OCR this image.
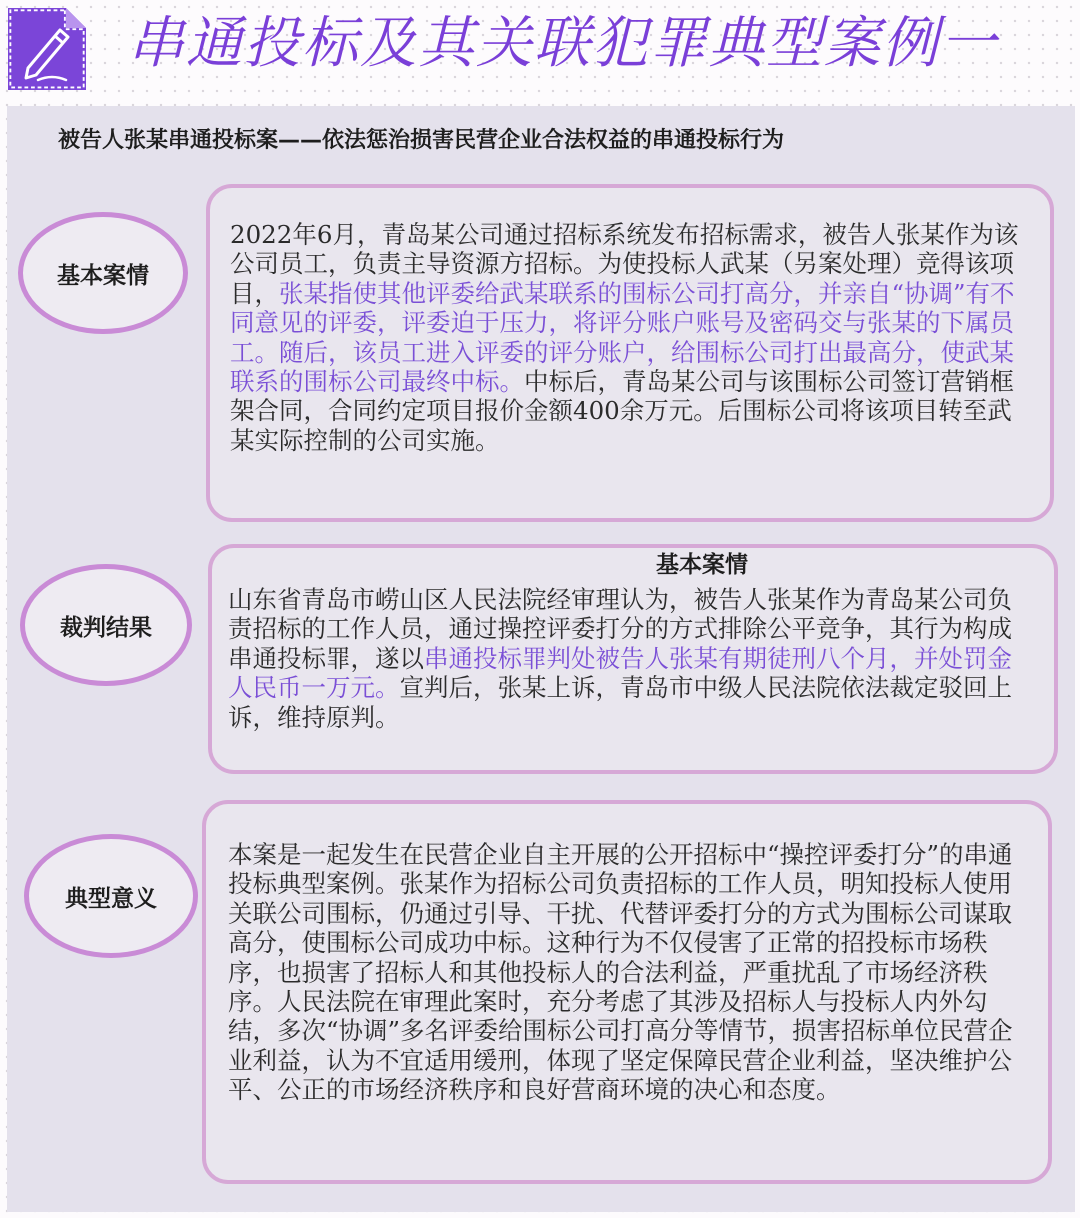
串通投标及其关联犯罪典型案例一
被告人张某串通投标案——依法惩治损害民营企业合法权益的串通投标行为
基本案情

2022年6月，青岛某公司通过招标系统发布招标需求，被告人张某作为该公司员工，负责主导资源方招标。为使投标人武某（另案处理）竞得该项目，张某指使其他评委给武某联系的围标公司打高分，并亲自“协调”有不同意见的评委，评委迫于压力，将评分账户账号及密码交与张某的下属员工。随后，该员工进入评委的评分账户，给围标公司打出最高分，使武某联系的围标公司最终中标。中标后，青岛某公司与该围标公司签订营销框架合同，合同约定项目报价金额400余万元。后围标公司将该项目转至武某实际控制的公司实施。

裁判结果
基本案情

山东省青岛市崂山区人民法院经审理认为，被告人张某作为青岛某公司负责招标的工作人员，通过操控评委打分的方式排除公平竞争，其行为构成串通投标罪，遂以串通投标罪判处被告人张某有期徒刑八个月，并处罚金人民币一万元。宣判后，张某上诉，青岛市中级人民法院依法裁定驳回上诉，维持原判。

典型意义

本案是一起发生在民营企业自主开展的公开招标中“操控评委打分”的串通投标典型案例。张某作为招标公司负责招标的工作人员，明知投标人使用关联公司围标，仍通过引导、干扰、代替评委打分的方式为围标公司谋取高分，使围标公司成功中标。这种行为不仅侵害了正常的招投标市场秩序，也损害了招标人和其他投标人的合法利益，严重扰乱了市场经济秩序。人民法院在审理此案时，充分考虑了其涉及招标人与投标人内外勾结，多次“协调”多名评委给围标公司打高分等情节，损害招标单位民营企业利益，认为不宜适用缓刑，体现了坚定保障民营企业利益，坚决维护公平、公正的市场经济秩序和良好营商环境的决心和态度。
